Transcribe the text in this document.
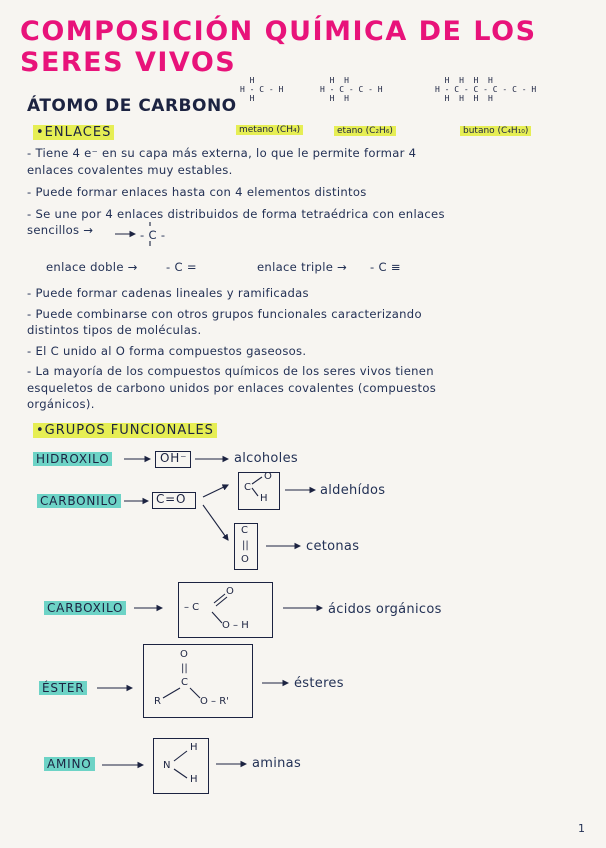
COMPOSICIÓN QUÍMICA DE LOS
SERES VIVOS
ÁTOMO DE CARBONO
H
H - C - H
H
metano (CH₄)
H  H
H - C - C - H
H  H
etano (C₂H₆)
H  H  H  H
H - C - C - C - C - H
H  H  H  H
butano (C₄H₁₀)
•ENLACES
- Tiene 4 e⁻ en su capa más externa, lo que le permite formar 4
enlaces covalentes muy estables.
- Puede formar enlaces hasta con 4 elementos distintos
- Se une por 4 enlaces distribuidos de forma tetraédrica con enlaces
sencillos →	- C -
enlace doble → - C =	enlace triple → - C ≡
- Puede formar cadenas lineales y ramificadas
- Puede combinarse con otros grupos funcionales caracterizando
distintos tipos de moléculas.
- El C unido al O forma compuestos gaseosos.
- La mayoría de los compuestos químicos de los seres vivos tienen
esqueletos de carbono unidos por enlaces covalentes (compuestos
orgánicos).
•GRUPOS FUNCIONALES
HIDROXILO	OH⁻	alcoholes
CARBONILO	C=O
C
O
H
aldehídos
C
||
O
cetonas
CARBOXILO	– C
O
O – H
ácidos orgánicos
ÉSTER
O
||
C
R	O – R'
ésteres
AMINO	N
H
H
aminas
1
